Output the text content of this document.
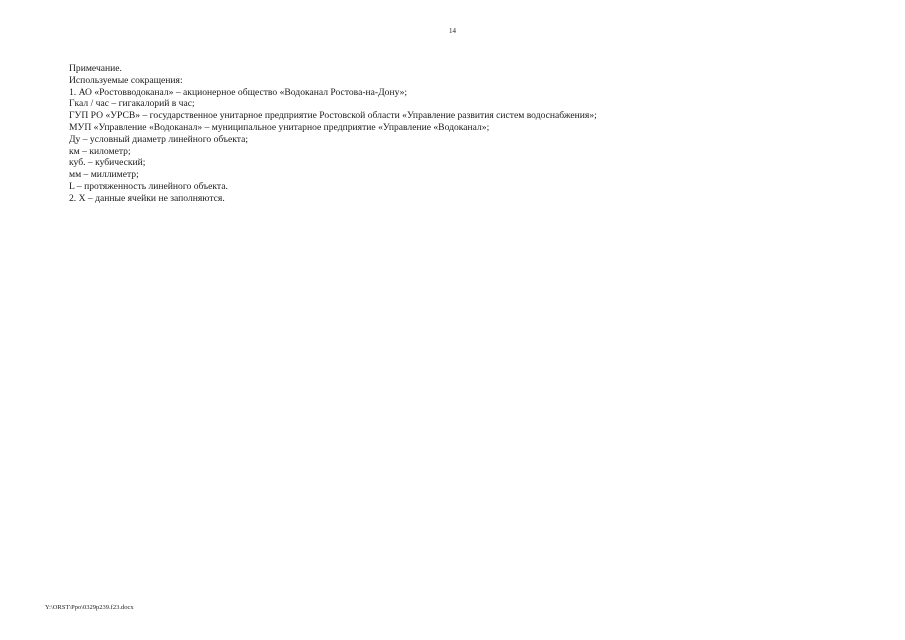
14
Примечание.
Используемые сокращения:
1. АО «Ростовводоканал» – акционерное общество «Водоканал Ростова-на-Дону»;
Гкал / час – гигакалорий в час;
ГУП РО «УРСВ» – государственное унитарное предприятие Ростовской области «Управление развития систем водоснабжения»;
МУП «Управление «Водоканал» – муниципальное унитарное предприятие «Управление «Водоканал»;
Ду – условный диаметр линейного объекта;
км – километр;
куб. – кубический;
мм – миллиметр;
L – протяженность линейного объекта.
2. Х – данные ячейки не заполняются.
Y:\ORST\Ppo\0329p239.f23.docx
